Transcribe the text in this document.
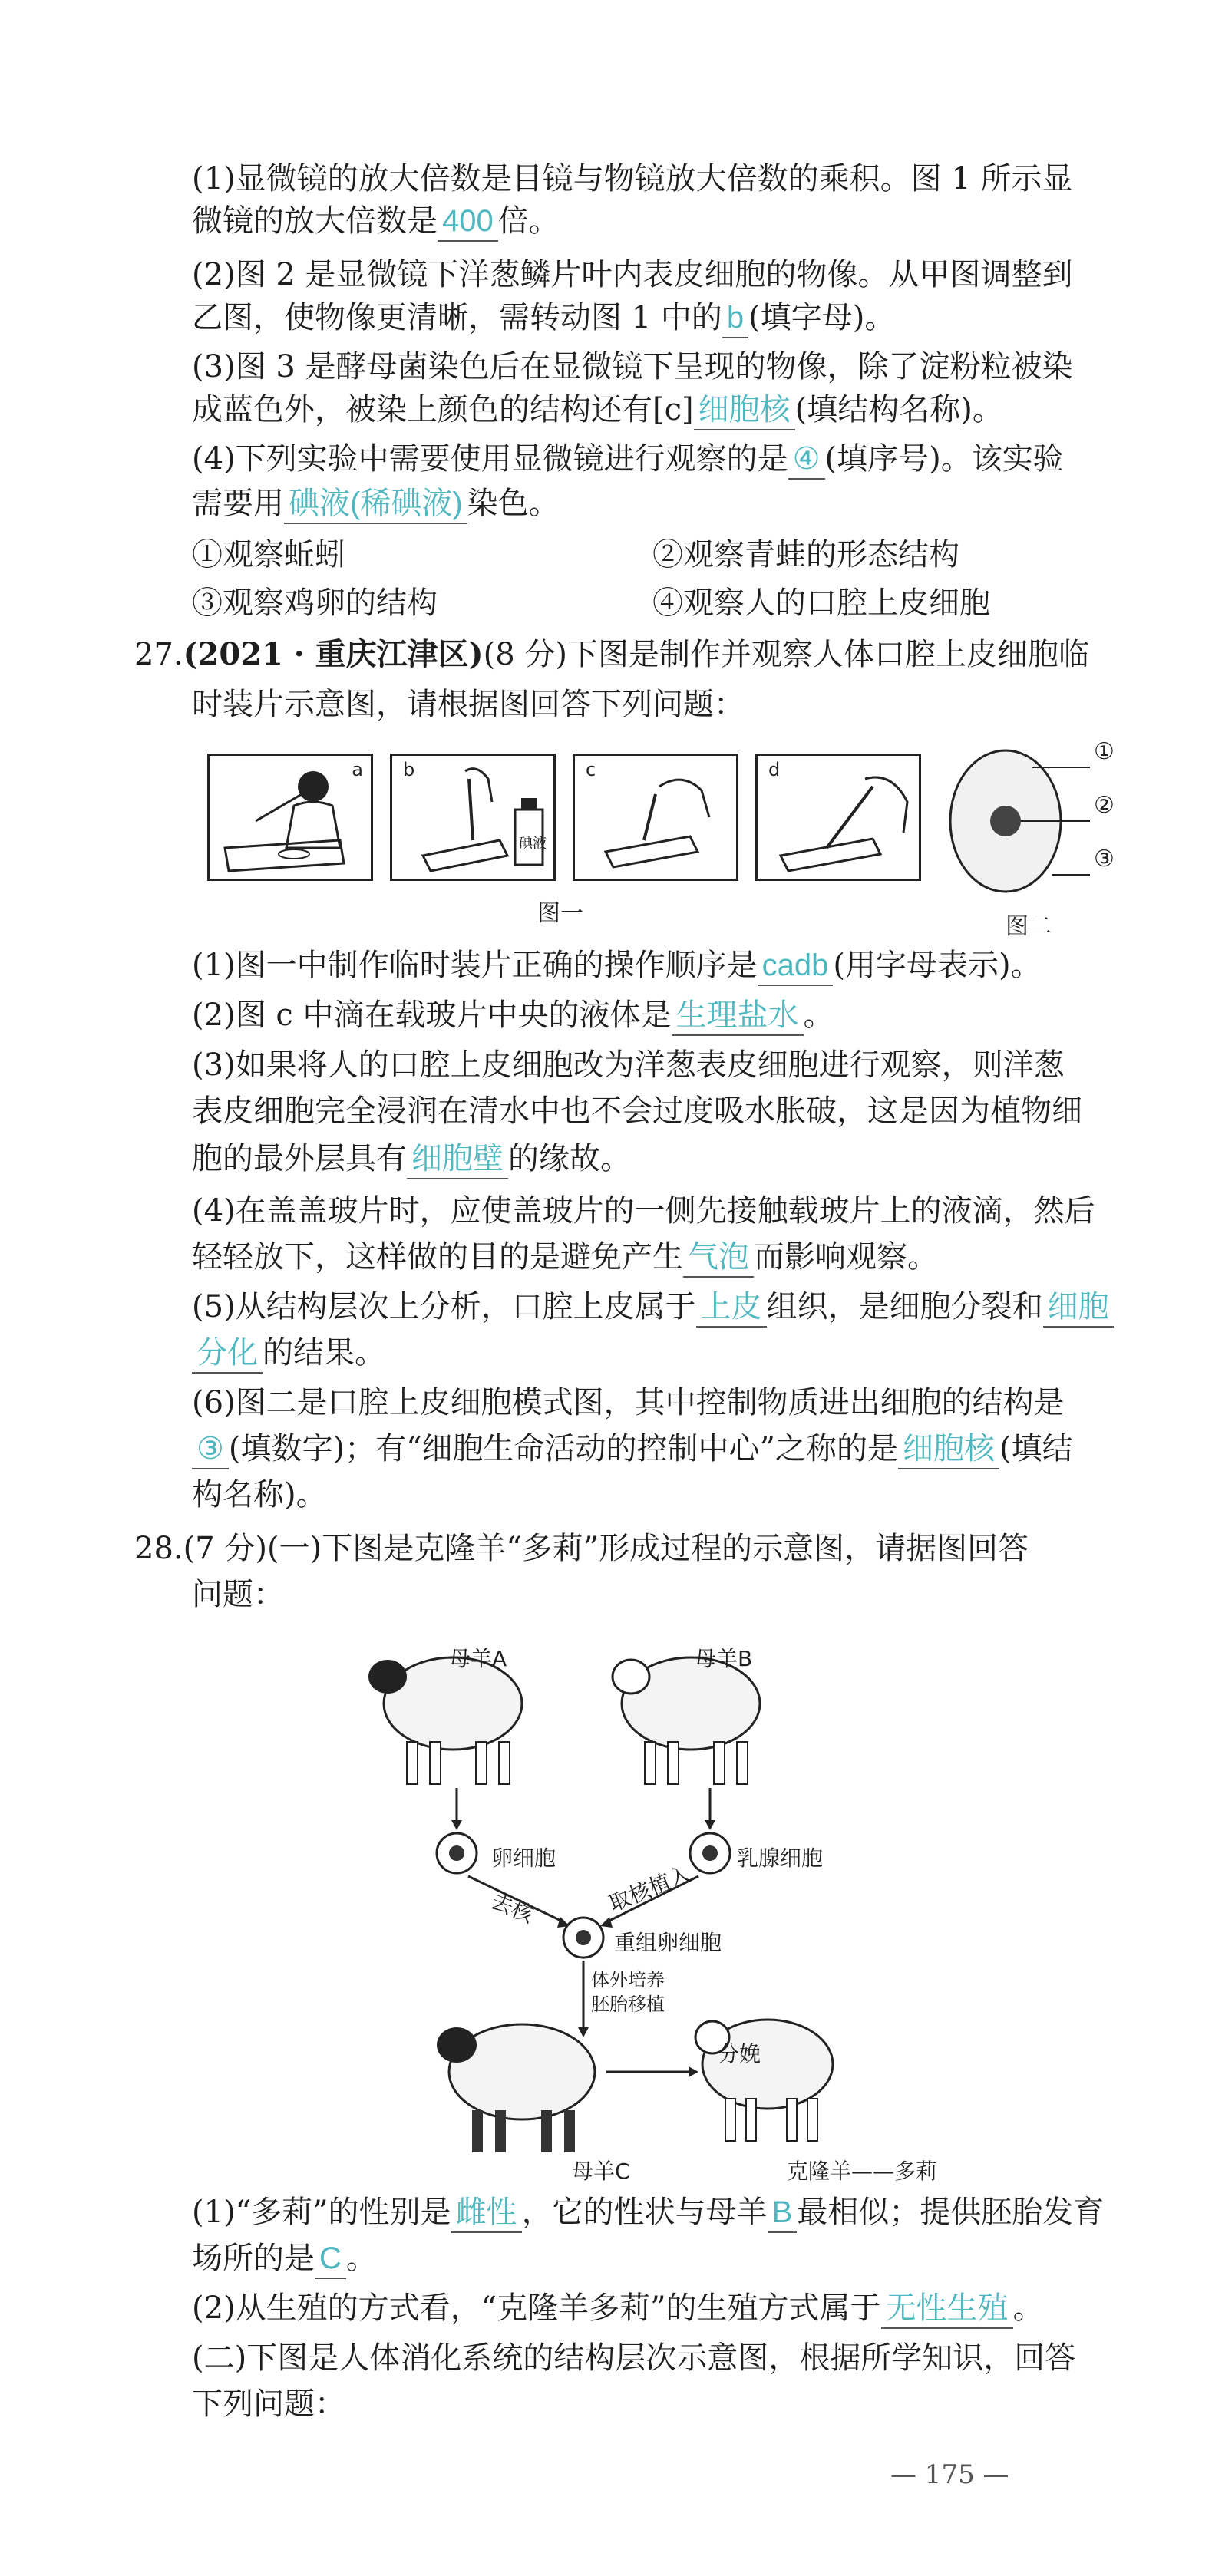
(1)显微镜的放大倍数是目镜与物镜放大倍数的乘积。图 1 所示显
微镜的放大倍数是 400 倍。
(2)图 2 是显微镜下洋葱鳞片叶内表皮细胞的物像。从甲图调整到
乙图，使物像更清晰，需转动图 1 中的 b (填字母)。
(3)图 3 是酵母菌染色后在显微镜下呈现的物像，除了淀粉粒被染
成蓝色外，被染上颜色的结构还有[c] 细胞核 (填结构名称)。
(4)下列实验中需要使用显微镜进行观察的是 ④ (填序号)。该实验
需要用 碘液(稀碘液) 染色。
①观察蚯蚓	②观察青蛙的形态结构
③观察鸡卵的结构	④观察人的口腔上皮细胞
27.(2021 · 重庆江津区)(8 分)下图是制作并观察人体口腔上皮细胞临
时装片示意图，请根据图回答下列问题：
a b
碘液
c	d
图一
①
②
③
图二
(1)图一中制作临时装片正确的操作顺序是 cadb (用字母表示)。
(2)图 c 中滴在载玻片中央的液体是 生理盐水 。
(3)如果将人的口腔上皮细胞改为洋葱表皮细胞进行观察，则洋葱
表皮细胞完全浸润在清水中也不会过度吸水胀破，这是因为植物细
胞的最外层具有 细胞壁 的缘故。
(4)在盖盖玻片时，应使盖玻片的一侧先接触载玻片上的液滴，然后
轻轻放下，这样做的目的是避免产生 气泡 而影响观察。
(5)从结构层次上分析，口腔上皮属于 上皮 组织，是细胞分裂和 细胞
分化 的结果。
(6)图二是口腔上皮细胞模式图，其中控制物质进出细胞的结构是
③ (填数字)；有“细胞生命活动的控制中心”之称的是 细胞核 (填结
构名称)。
28.(7 分)(一)下图是克隆羊“多莉”形成过程的示意图，请据图回答
问题：
母羊A	母羊B
卵细胞	乳腺细胞
去核	取核植入
重组卵细胞
体外培养
胚胎移植
分娩
母羊C	克隆羊——多莉
(1)“多莉”的性别是 雌性 ，它的性状与母羊 B 最相似；提供胚胎发育
场所的是 C 。
(2)从生殖的方式看，“克隆羊多莉”的生殖方式属于 无性生殖 。
(二)下图是人体消化系统的结构层次示意图，根据所学知识，回答
下列问题：
— 175 —
